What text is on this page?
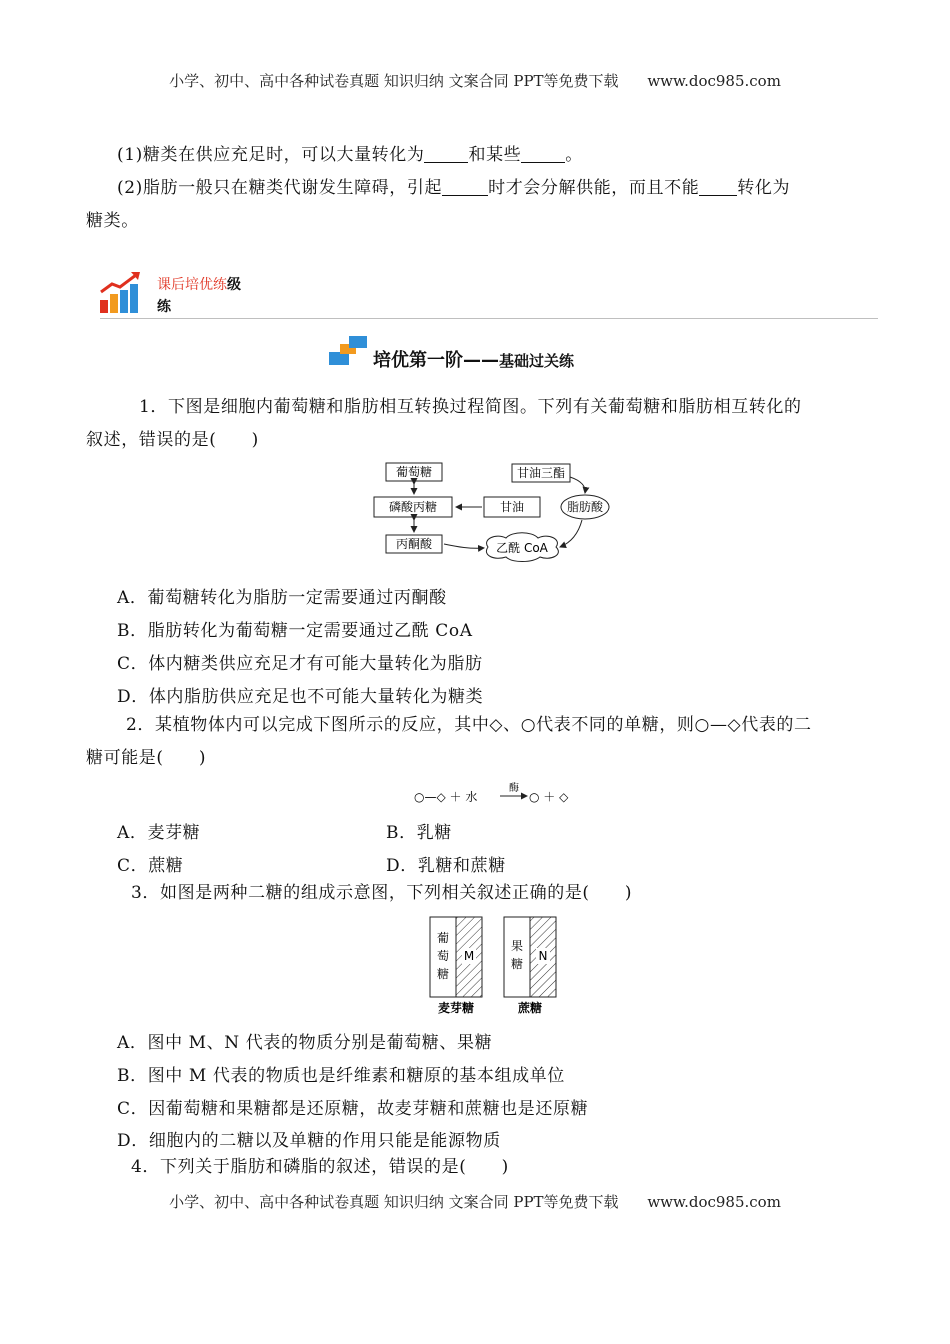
小学、初中、高中各种试卷真题 知识归纳 文案合同 PPT等免费下载 www.doc985.com
(1)糖类在供应充足时，可以大量转化为	和某些	。
(2)脂肪一般只在糖类代谢发生障碍，引起	时才会分解供能，而且不能 转化为
糖类。
课后培优练级
练
培优第一阶——基础过关练
1．下图是细胞内葡萄糖和脂肪相互转换过程简图。下列有关葡萄糖和脂肪相互转化的
叙述，错误的是(　　)
葡萄糖
磷酸丙糖
丙酮酸
甘油三酯
甘油	脂肪酸
乙酰 CoA
A．葡萄糖转化为脂肪一定需要通过丙酮酸
B．脂肪转化为葡萄糖一定需要通过乙酰 CoA
C．体内糖类供应充足才有可能大量转化为脂肪
D．体内脂肪供应充足也不可能大量转化为糖类
2．某植物体内可以完成下图所示的反应，其中◇、○代表不同的单糖，则○—◇代表的二
糖可能是(　　)
○—◇ ＋ 水
酶
○ ＋ ◇
A．麦芽糖	B．乳糖
C．蔗糖	D．乳糖和蔗糖
3．如图是两种二糖的组成示意图，下列相关叙述正确的是(　　)
葡
萄
糖
M
麦芽糖
果
糖
N
蔗糖
A．图中 M、N 代表的物质分别是葡萄糖、果糖
B．图中 M 代表的物质也是纤维素和糖原的基本组成单位
C．因葡萄糖和果糖都是还原糖，故麦芽糖和蔗糖也是还原糖
D．细胞内的二糖以及单糖的作用只能是能源物质
4．下列关于脂肪和磷脂的叙述，错误的是(　　)
小学、初中、高中各种试卷真题 知识归纳 文案合同 PPT等免费下载 www.doc985.com
